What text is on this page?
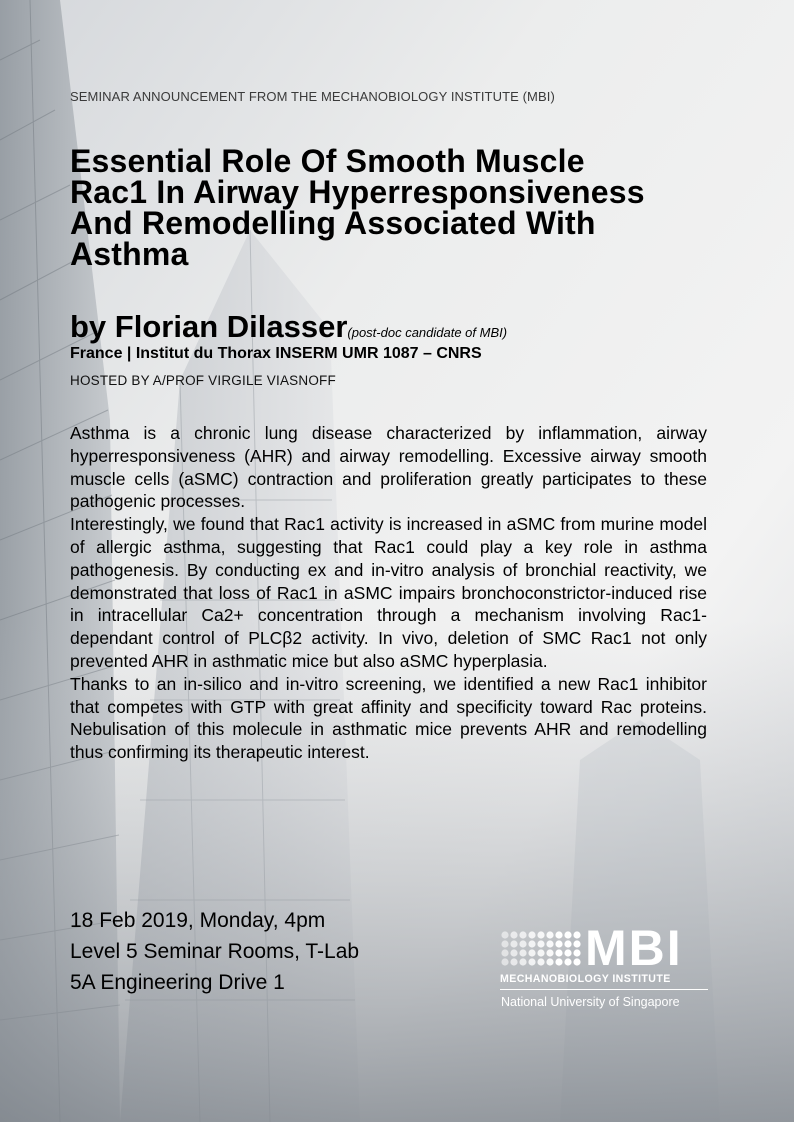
SEMINAR ANNOUNCEMENT FROM THE MECHANOBIOLOGY INSTITUTE (MBI)
Essential Role Of Smooth Muscle
Rac1 In Airway Hyperresponsiveness
And Remodelling Associated With
Asthma
by Florian Dilasser(post-doc candidate of MBI)
France | Institut du Thorax INSERM UMR 1087 – CNRS
HOSTED BY A/PROF VIRGILE VIASNOFF

Asthma is a chronic lung disease characterized by inflammation, airway hyperresponsiveness (AHR) and airway remodelling. Excessive airway smooth muscle cells (aSMC) contraction and proliferation greatly participates to these pathogenic processes.

Interestingly, we found that Rac1 activity is increased in aSMC from murine model of allergic asthma, suggesting that Rac1 could play a key role in asthma pathogenesis. By conducting ex and in-vitro analysis of bronchial reactivity, we demonstrated that loss of Rac1 in aSMC impairs bronchoconstrictor-induced rise in intracellular Ca2+ concentration through a mechanism involving Rac1-dependant control of PLCβ2 activity. In vivo, deletion of SMC Rac1 not only prevented AHR in asthmatic mice but also aSMC hyperplasia.

Thanks to an in-silico and in-vitro screening, we identified a new Rac1 inhibitor that competes with GTP with great affinity and specificity toward Rac proteins. Nebulisation of this molecule in asthmatic mice prevents AHR and remodelling thus confirming its therapeutic interest.

18 Feb 2019, Monday, 4pm
Level 5 Seminar Rooms, T-Lab
5A Engineering Drive 1
MBI
MECHANOBIOLOGY INSTITUTE
National University of Singapore
